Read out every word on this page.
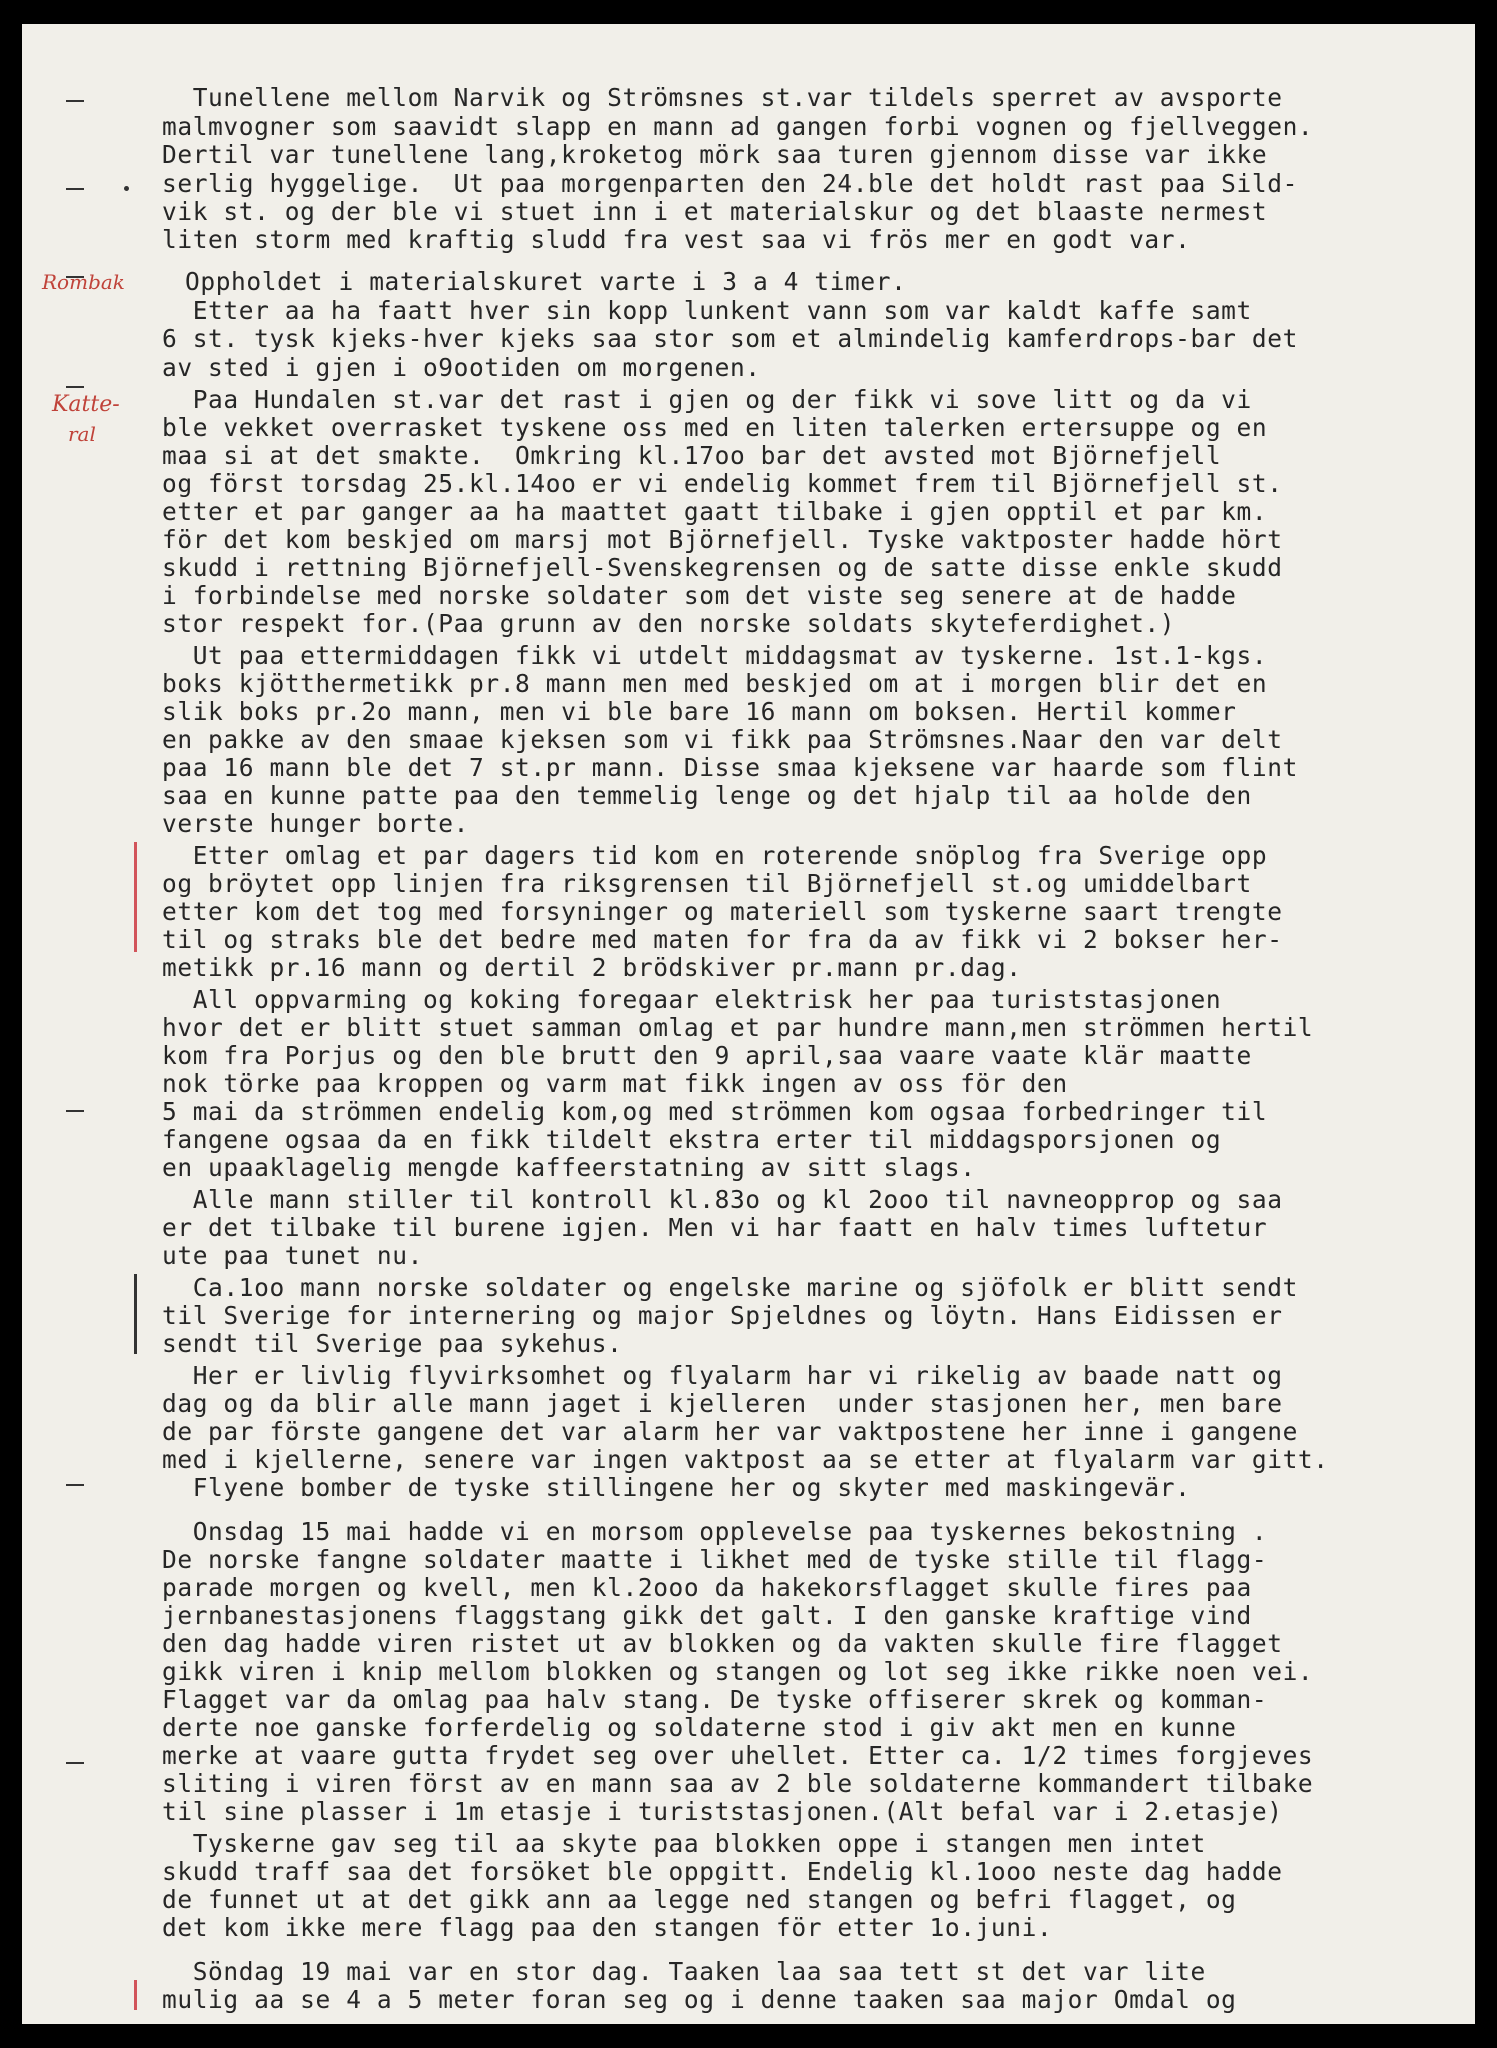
Rombak
Katte-
ral
Tunellene mellom Narvik og Strömsnes st.var tildels sperret av avsporte
malmvogner som saavidt slapp en mann ad gangen forbi vognen og fjellveggen.
Dertil var tunellene lang,kroketog mörk saa turen gjennom disse var ikke
serlig hyggelige.  Ut paa morgenparten den 24.ble det holdt rast paa Sild-
vik st. og der ble vi stuet inn i et materialskur og det blaaste nermest
liten storm med kraftig sludd fra vest saa vi frös mer en godt var.
Oppholdet i materialskuret varte i 3 a 4 timer.
Etter aa ha faatt hver sin kopp lunkent vann som var kaldt kaffe samt
6 st. tysk kjeks-hver kjeks saa stor som et almindelig kamferdrops-bar det
av sted i gjen i o9ootiden om morgenen.
Paa Hundalen st.var det rast i gjen og der fikk vi sove litt og da vi
ble vekket overrasket tyskene oss med en liten talerken ertersuppe og en
maa si at det smakte.  Omkring kl.17oo bar det avsted mot Björnefjell
og först torsdag 25.kl.14oo er vi endelig kommet frem til Björnefjell st.
etter et par ganger aa ha maattet gaatt tilbake i gjen opptil et par km.
för det kom beskjed om marsj mot Björnefjell. Tyske vaktposter hadde hört
skudd i rettning Björnefjell-Svenskegrensen og de satte disse enkle skudd
i forbindelse med norske soldater som det viste seg senere at de hadde
stor respekt for.(Paa grunn av den norske soldats skyteferdighet.)
Ut paa ettermiddagen fikk vi utdelt middagsmat av tyskerne. 1st.1-kgs.
boks kjötthermetikk pr.8 mann men med beskjed om at i morgen blir det en
slik boks pr.2o mann, men vi ble bare 16 mann om boksen. Hertil kommer
en pakke av den smaae kjeksen som vi fikk paa Strömsnes.Naar den var delt
paa 16 mann ble det 7 st.pr mann. Disse smaa kjeksene var haarde som flint
saa en kunne patte paa den temmelig lenge og det hjalp til aa holde den
verste hunger borte.
Etter omlag et par dagers tid kom en roterende snöplog fra Sverige opp
og bröytet opp linjen fra riksgrensen til Björnefjell st.og umiddelbart
etter kom det tog med forsyninger og materiell som tyskerne saart trengte
til og straks ble det bedre med maten for fra da av fikk vi 2 bokser her-
metikk pr.16 mann og dertil 2 brödskiver pr.mann pr.dag.
All oppvarming og koking foregaar elektrisk her paa turiststasjonen
hvor det er blitt stuet samman omlag et par hundre mann,men strömmen hertil
kom fra Porjus og den ble brutt den 9 april,saa vaare vaate klär maatte
nok törke paa kroppen og varm mat fikk ingen av oss för den
5 mai da strömmen endelig kom,og med strömmen kom ogsaa forbedringer til
fangene ogsaa da en fikk tildelt ekstra erter til middagsporsjonen og
en upaaklagelig mengde kaffeerstatning av sitt slags.
Alle mann stiller til kontroll kl.83o og kl 2ooo til navneopprop og saa
er det tilbake til burene igjen. Men vi har faatt en halv times luftetur
ute paa tunet nu.
Ca.1oo mann norske soldater og engelske marine og sjöfolk er blitt sendt
til Sverige for internering og major Spjeldnes og löytn. Hans Eidissen er
sendt til Sverige paa sykehus.
Her er livlig flyvirksomhet og flyalarm har vi rikelig av baade natt og
dag og da blir alle mann jaget i kjelleren  under stasjonen her, men bare
de par förste gangene det var alarm her var vaktpostene her inne i gangene
med i kjellerne, senere var ingen vaktpost aa se etter at flyalarm var gitt.
Flyene bomber de tyske stillingene her og skyter med maskingevär.
Onsdag 15 mai hadde vi en morsom opplevelse paa tyskernes bekostning .
De norske fangne soldater maatte i likhet med de tyske stille til flagg-
parade morgen og kvell, men kl.2ooo da hakekorsflagget skulle fires paa
jernbanestasjonens flaggstang gikk det galt. I den ganske kraftige vind
den dag hadde viren ristet ut av blokken og da vakten skulle fire flagget
gikk viren i knip mellom blokken og stangen og lot seg ikke rikke noen vei.
Flagget var da omlag paa halv stang. De tyske offiserer skrek og komman-
derte noe ganske forferdelig og soldaterne stod i giv akt men en kunne
merke at vaare gutta frydet seg over uhellet. Etter ca. 1/2 times forgjeves
sliting i viren först av en mann saa av 2 ble soldaterne kommandert tilbake
til sine plasser i 1m etasje i turiststasjonen.(Alt befal var i 2.etasje)
Tyskerne gav seg til aa skyte paa blokken oppe i stangen men intet
skudd traff saa det forsöket ble oppgitt. Endelig kl.1ooo neste dag hadde
de funnet ut at det gikk ann aa legge ned stangen og befri flagget, og
det kom ikke mere flagg paa den stangen för etter 1o.juni.
Söndag 19 mai var en stor dag. Taaken laa saa tett st det var lite
mulig aa se 4 a 5 meter foran seg og i denne taaken saa major Omdal og
